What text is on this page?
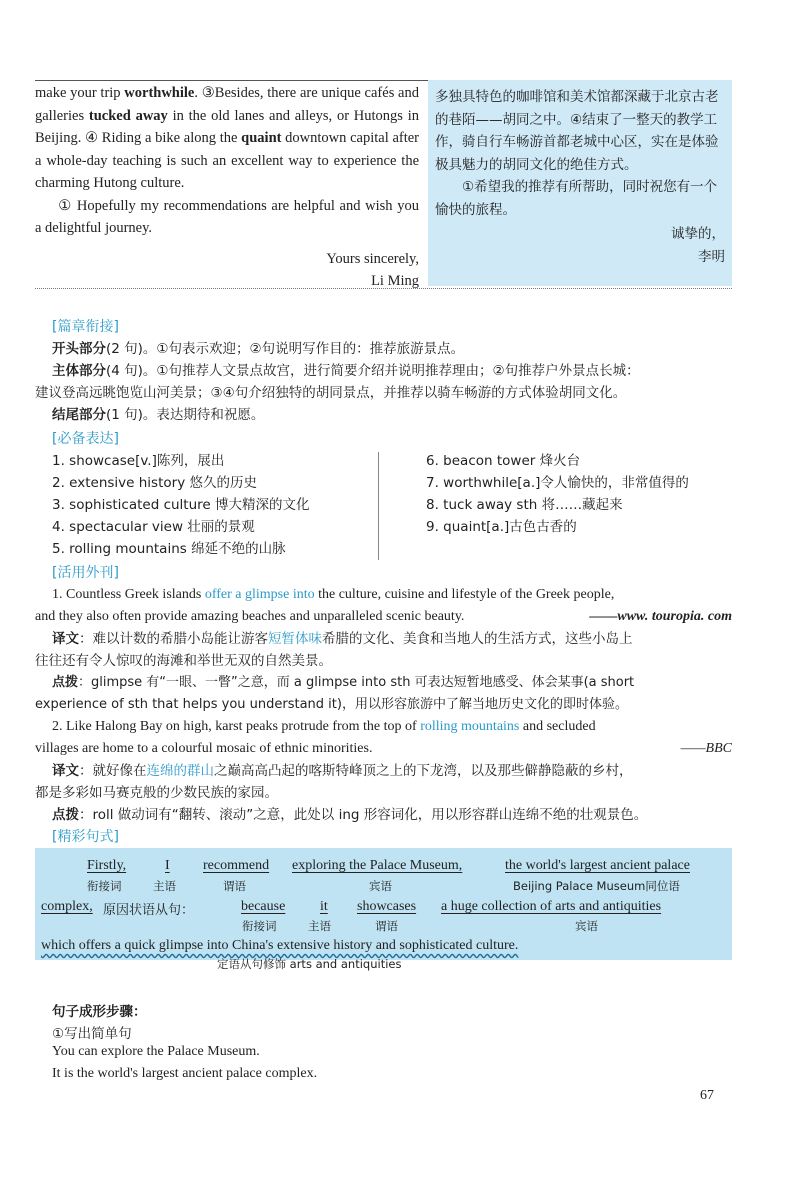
make your trip worthwhile. ③Besides, there are unique cafés and galleries tucked away in the old lanes and alleys, or Hutongs in Beijing. ④ Riding a bike along the quaint downtown capital after a whole-day teaching is such an excellent way to experience the charming Hutong culture.

① Hopefully my recommendations are helpful and wish you a delightful journey.

Yours sincerely,

Li Ming

多独具特色的咖啡馆和美术馆都深藏于北京古老的巷陌——胡同之中。④结束了一整天的教学工作，骑自行车畅游首都老城中心区，实在是体验极具魅力的胡同文化的绝佳方式。

①希望我的推荐有所帮助，同时祝您有一个愉快的旅程。

诚挚的，

李明

[篇章衔接]
开头部分(2 句)。①句表示欢迎；②句说明写作目的：推荐旅游景点。
主体部分(4 句)。①句推荐人文景点故宫，进行简要介绍并说明推荐理由；②句推荐户外景点长城：
建议登高远眺饱览山河美景；③④句介绍独特的胡同景点，并推荐以骑车畅游的方式体验胡同文化。
结尾部分(1 句)。表达期待和祝愿。
[必备表达]
1. showcase[v.]陈列，展出
2. extensive history 悠久的历史
3. sophisticated culture 博大精深的文化
4. spectacular view 壮丽的景观
5. rolling mountains 绵延不绝的山脉
6. beacon tower 烽火台
7. worthwhile[a.]令人愉快的，非常值得的
8. tuck away sth 将……藏起来
9. quaint[a.]古色古香的
[活用外刊]
1. Countless Greek islands offer a glimpse into the culture, cuisine and lifestyle of the Greek people,
and they also often provide amazing beaches and unparalleled scenic beauty.	——www. touropia. com
译文：难以计数的希腊小岛能让游客短暂体味希腊的文化、美食和当地人的生活方式，这些小岛上
往往还有令人惊叹的海滩和举世无双的自然美景。
点拨：glimpse 有“一眼、一瞥”之意，而 a glimpse into sth 可表达短暂地感受、体会某事(a short
experience of sth that helps you understand it)，用以形容旅游中了解当地历史文化的即时体验。
2. Like Halong Bay on high, karst peaks protrude from the top of rolling mountains and secluded
villages are home to a colourful mosaic of ethnic minorities.	——BBC
译文：就好像在连绵的群山之巅高高凸起的喀斯特峰顶之上的下龙湾，以及那些僻静隐蔽的乡村，
都是多彩如马赛克般的少数民族的家园。
点拨：roll 做动词有“翻转、滚动”之意，此处以 ing 形容词化，用以形容群山连绵不绝的壮观景色。
[精彩句式]
Firstly,	I recommend exploring the Palace Museum,	the world's largest ancient palace
衔接词	主语	谓语	宾语	Beijing Palace Museum同位语
complex, 原因状语从句：	because it showcases a huge collection of arts and antiquities
衔接词	主语	谓语	宾语
which offers a quick glimpse into China's extensive history and sophisticated culture.
定语从句修饰 arts and antiquities
句子成形步骤：
①写出简单句
You can explore the Palace Museum.
It is the world's largest ancient palace complex.
67
